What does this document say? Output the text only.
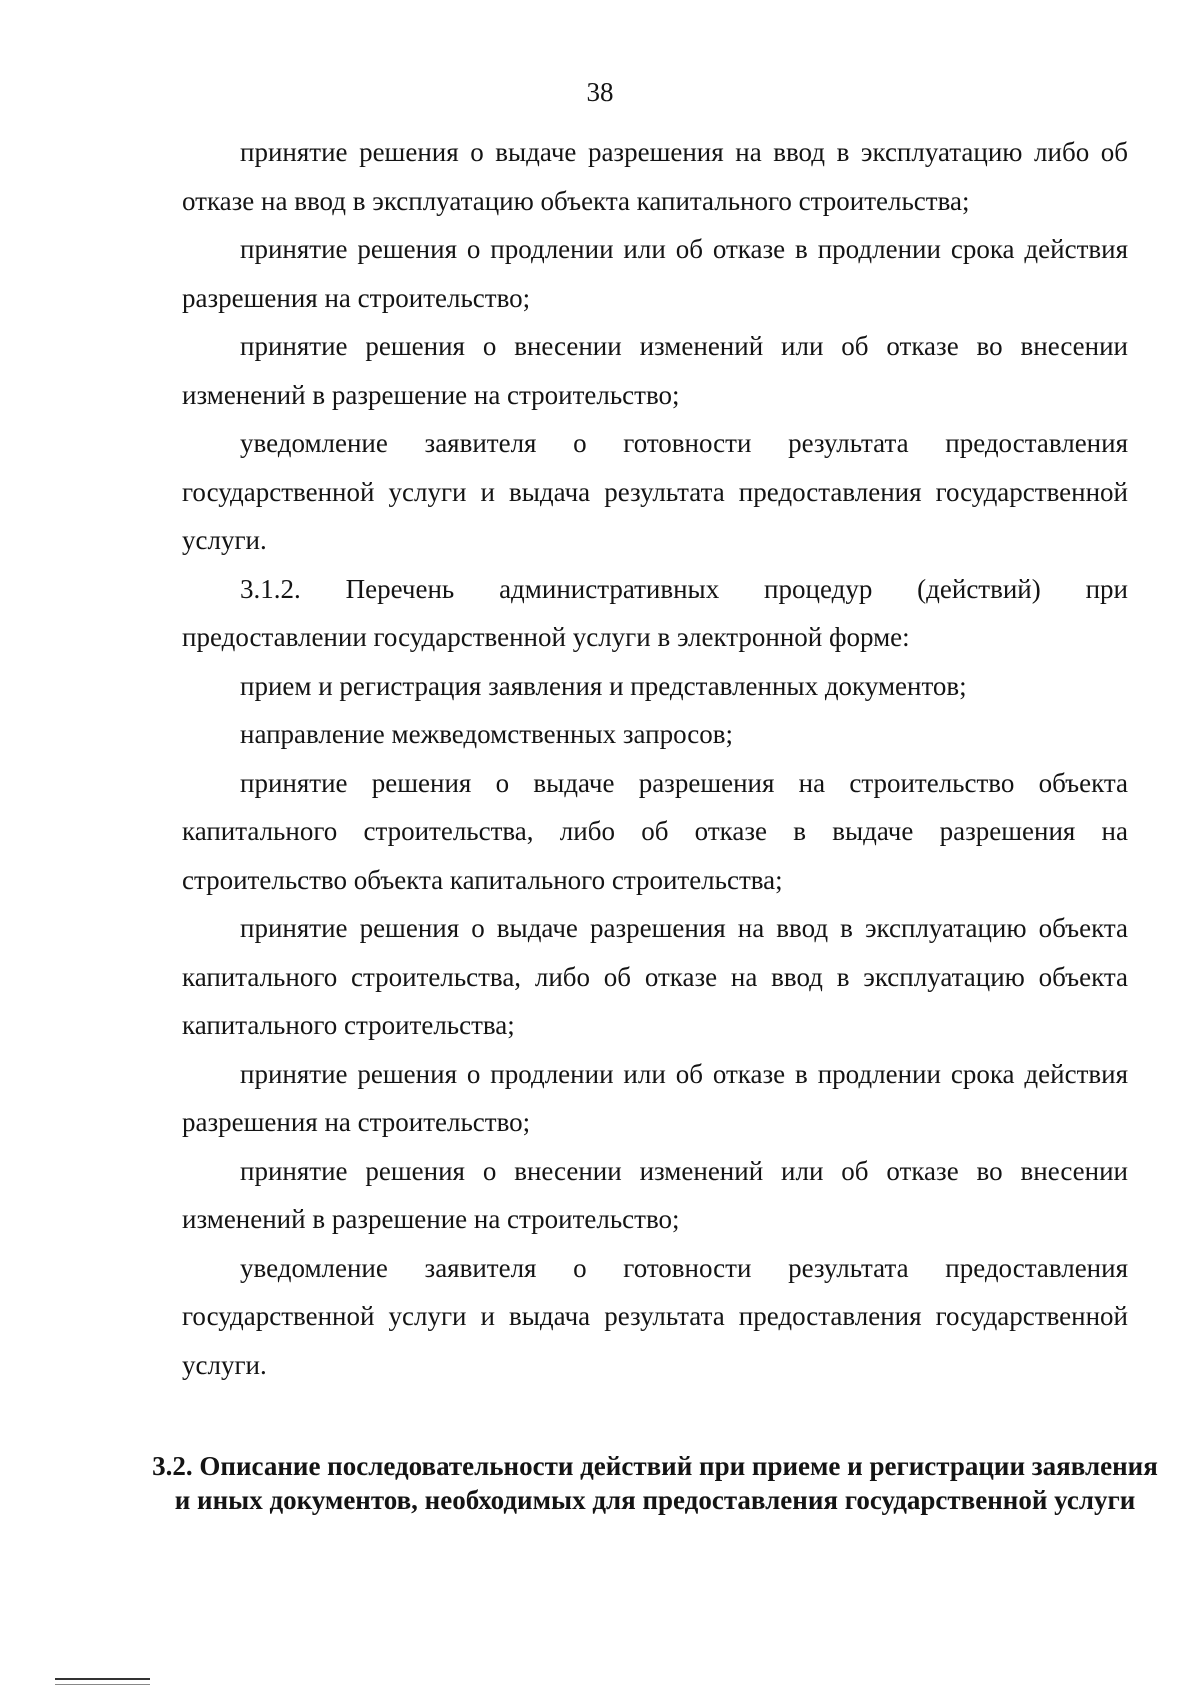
38

принятие решения о выдаче разрешения на ввод в эксплуатацию либо об отказе на ввод в эксплуатацию объекта капитального строительства;

принятие решения о продлении или об отказе в продлении срока действия разрешения на строительство;

принятие решения о внесении изменений или об отказе во внесении изменений в разрешение на строительство;

уведомление заявителя о готовности результата предоставления государственной услуги и выдача результата предоставления государственной услуги.

3.1.2. Перечень административных процедур (действий) при предоставлении государственной услуги в электронной форме:

прием и регистрация заявления и представленных документов;

направление межведомственных запросов;

принятие решения о выдаче разрешения на строительство объекта капитального строительства, либо об отказе в выдаче разрешения на строительство объекта капитального строительства;

принятие решения о выдаче разрешения на ввод в эксплуатацию объекта капитального строительства, либо об отказе на ввод в эксплуатацию объекта капитального строительства;

принятие решения о продлении или об отказе в продлении срока действия разрешения на строительство;

принятие решения о внесении изменений или об отказе во внесении изменений в разрешение на строительство;

уведомление заявителя о готовности результата предоставления государственной услуги и выдача результата предоставления государственной услуги.

3.2. Описание последовательности действий при приеме и регистрации заявления и иных документов, необходимых для предоставления государственной услуги
